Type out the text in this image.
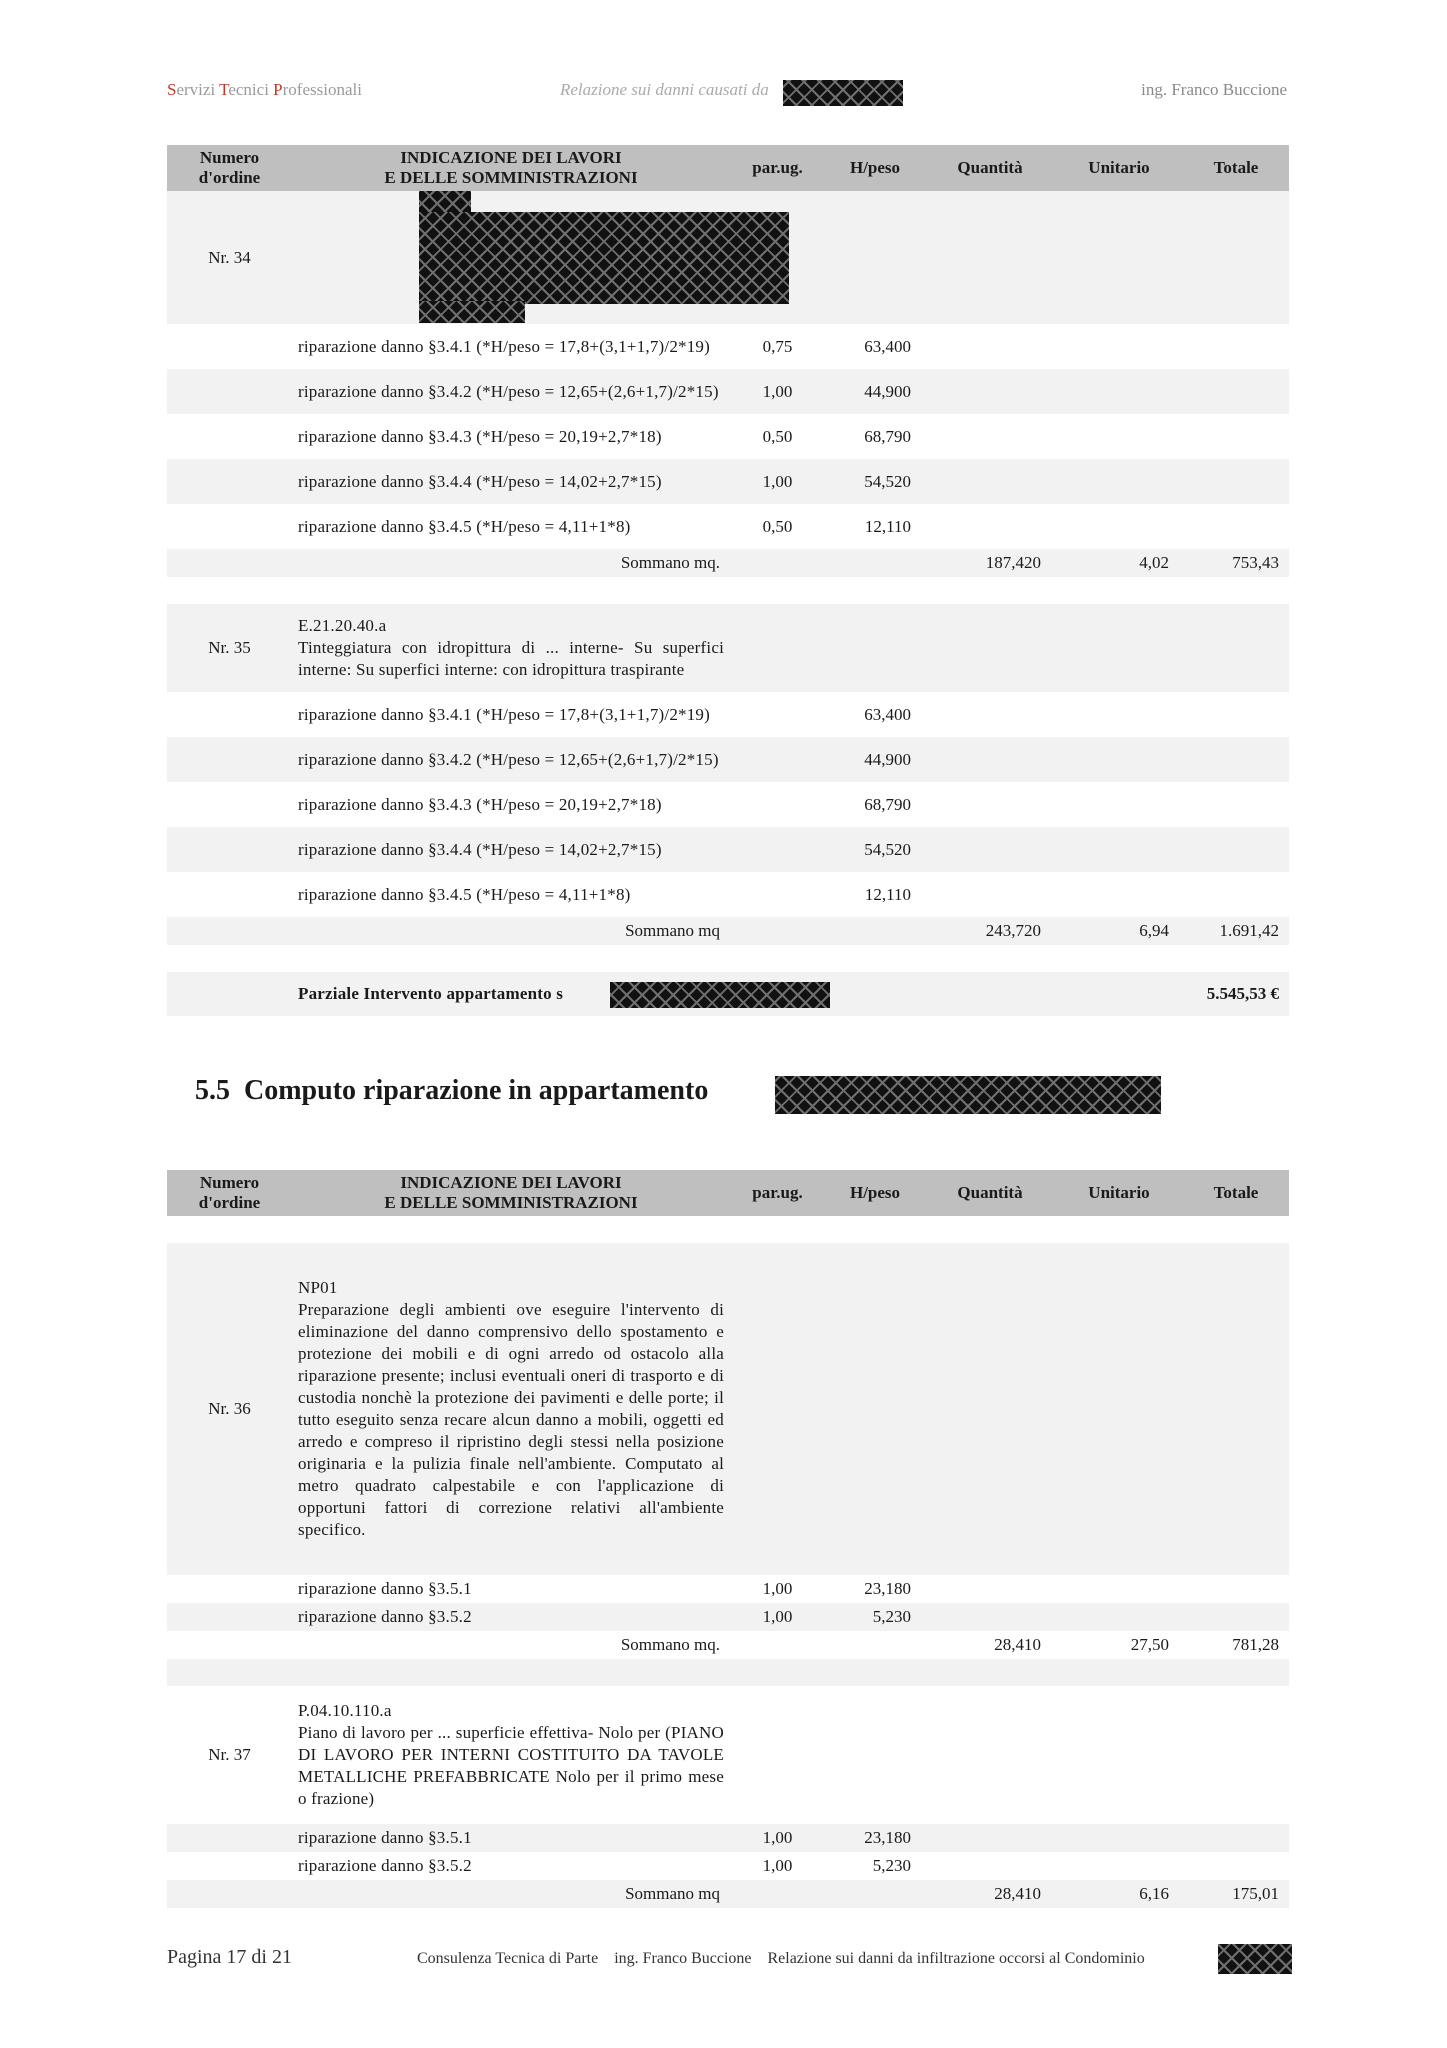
Servizi Tecnici Professionali	Relazione sui danni causati da	ing. Franco Buccione
Numero
d'ordine	INDICAZIONE DEI LAVORI
E DELLE SOMMINISTRAZIONI	par.ug.	H/peso	Quantità	Unitario	Totale
Nr. 34	

	riparazione danno §3.4.1 (*H/peso = 17,8+(3,1+1,7)/2*19)	0,75	63,400			
	riparazione danno §3.4.2 (*H/peso = 12,65+(2,6+1,7)/2*15)	1,00	44,900			
	riparazione danno §3.4.3 (*H/peso = 20,19+2,7*18)	0,50	68,790			
	riparazione danno §3.4.4 (*H/peso = 14,02+2,7*15)	1,00	54,520			
	riparazione danno §3.4.5 (*H/peso = 4,11+1*8)	0,50	12,110			
	Sommano mq.			187,420	4,02	753,43

Nr. 35	E.21.20.40.a
Tinteggiatura con idropittura di ... interne- Su superfici interne: Su superfici interne: con idropittura traspirante					

	riparazione danno §3.4.1 (*H/peso = 17,8+(3,1+1,7)/2*19)		63,400			
	riparazione danno §3.4.2 (*H/peso = 12,65+(2,6+1,7)/2*15)		44,900			
	riparazione danno §3.4.3 (*H/peso = 20,19+2,7*18)		68,790			
	riparazione danno §3.4.4 (*H/peso = 14,02+2,7*15)		54,520			
	riparazione danno §3.4.5 (*H/peso = 4,11+1*8)		12,110			
	Sommano mq			243,720	6,94	1.691,42

	Parziale Intervento appartamento s					5.545,53 €
5.5 Computo riparazione in appartamento
Numero
d'ordine	INDICAZIONE DEI LAVORI
E DELLE SOMMINISTRAZIONI	par.ug.	H/peso	Quantità	Unitario	Totale

Nr. 36	NP01
Preparazione degli ambienti ove eseguire l'intervento di eliminazione del danno comprensivo dello spostamento e protezione dei mobili e di ogni arredo od ostacolo alla riparazione presente; inclusi eventuali oneri di trasporto e di custodia nonchè la protezione dei pavimenti e delle porte; il tutto eseguito senza recare alcun danno a mobili, oggetti ed arredo e compreso il ripristino degli stessi nella posizione originaria e la pulizia finale nell'ambiente. Computato al metro quadrato calpestabile e con l'applicazione di opportuni fattori di correzione relativi all'ambiente specifico.					

	riparazione danno §3.5.1	1,00	23,180			
	riparazione danno §3.5.2	1,00	5,230			
	Sommano mq.			28,410	27,50	781,28

Nr. 37	P.04.10.110.a
Piano di lavoro per ... superficie effettiva- Nolo per (PIANO DI LAVORO PER INTERNI COSTITUITO DA TAVOLE METALLICHE PREFABBRICATE Nolo per il primo mese o frazione)					

	riparazione danno §3.5.1	1,00	23,180			
	riparazione danno §3.5.2	1,00	5,230			
	Sommano mq			28,410	6,16	175,01
Pagina 17 di 21	Consulenza Tecnica di Parte    ing. Franco Buccione    Relazione sui danni da infiltrazione occorsi al Condominio
